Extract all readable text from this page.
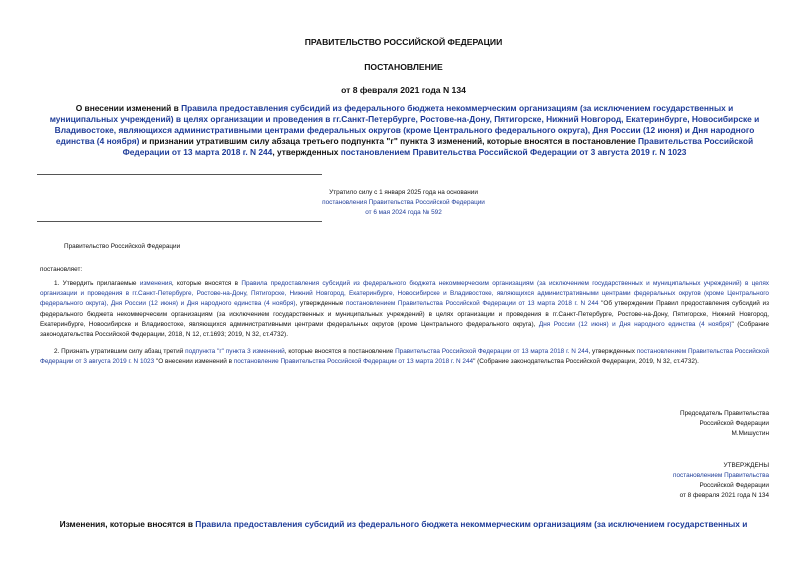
ПРАВИТЕЛЬСТВО РОССИЙСКОЙ ФЕДЕРАЦИИ
ПОСТАНОВЛЕНИЕ
от 8 февраля 2021 года N 134
О внесении изменений в Правила предоставления субсидий из федерального бюджета некоммерческим организациям (за исключением государственных и муниципальных учреждений) в целях организации и проведения в гг.Санкт-Петербурге, Ростове-на-Дону, Пятигорске, Нижний Новгород, Екатеринбурге, Новосибирске и Владивостоке, являющихся административными центрами федеральных округов (кроме Центрального федерального округа), Дня России (12 июня) и Дня народного единства (4 ноября) и признании утратившим силу абзаца третьего подпункта "г" пункта 3 изменений, которые вносятся в постановление Правительства Российской Федерации от 13 марта 2018 г. N 244, утвержденных постановлением Правительства Российской Федерации от 3 августа 2019 г. N 1023
Утратило силу с 1 января 2025 года на основании
постановления Правительства Российской Федерации
от 6 мая 2024 года № 592
Правительство Российской Федерации
постановляет:
1. Утвердить прилагаемые изменения, которые вносятся в Правила предоставления субсидий из федерального бюджета некоммерческим организациям (за исключением государственных и муниципальных учреждений) в целях организации и проведения в гг.Санкт-Петербурге, Ростове-на-Дону, Пятигорске, Нижний Новгород, Екатеринбурге, Новосибирске и Владивостоке, являющихся административными центрами федеральных округов (кроме Центрального федерального округа), Дня России (12 июня) и Дня народного единства (4 ноября), утвержденные постановлением Правительства Российской Федерации от 13 марта 2018 г. N 244 "Об утверждении Правил предоставления субсидий из федерального бюджета некоммерческим организациям (за исключением государственных и муниципальных учреждений) в целях организации и проведения в гг.Санкт-Петербурге, Ростове-на-Дону, Пятигорске, Нижний Новгород, Екатеринбурге, Новосибирске и Владивостоке, являющихся административными центрами федеральных округов (кроме Центрального федерального округа), Дня России (12 июня) и Дня народного единства (4 ноября)" (Собрание законодательства Российской Федерации, 2018, N 12, ст.1693; 2019, N 32, ст.4732).
2. Признать утратившим силу абзац третий подпункта "г" пункта 3 изменений, которые вносятся в постановление Правительства Российской Федерации от 13 марта 2018 г. N 244, утвержденных постановлением Правительства Российской Федерации от 3 августа 2019 г. N 1023 "О внесении изменений в постановление Правительства Российской Федерации от 13 марта 2018 г. N 244" (Собрание законодательства Российской Федерации, 2019, N 32, ст.4732).
Председатель Правительства
Российской Федерации
М.Мишустин
УТВЕРЖДЕНЫ
постановлением Правительства
Российской Федерации
от 8 февраля 2021 года N 134
Изменения, которые вносятся в Правила предоставления субсидий из федерального бюджета некоммерческим организациям (за исключением государственных и
